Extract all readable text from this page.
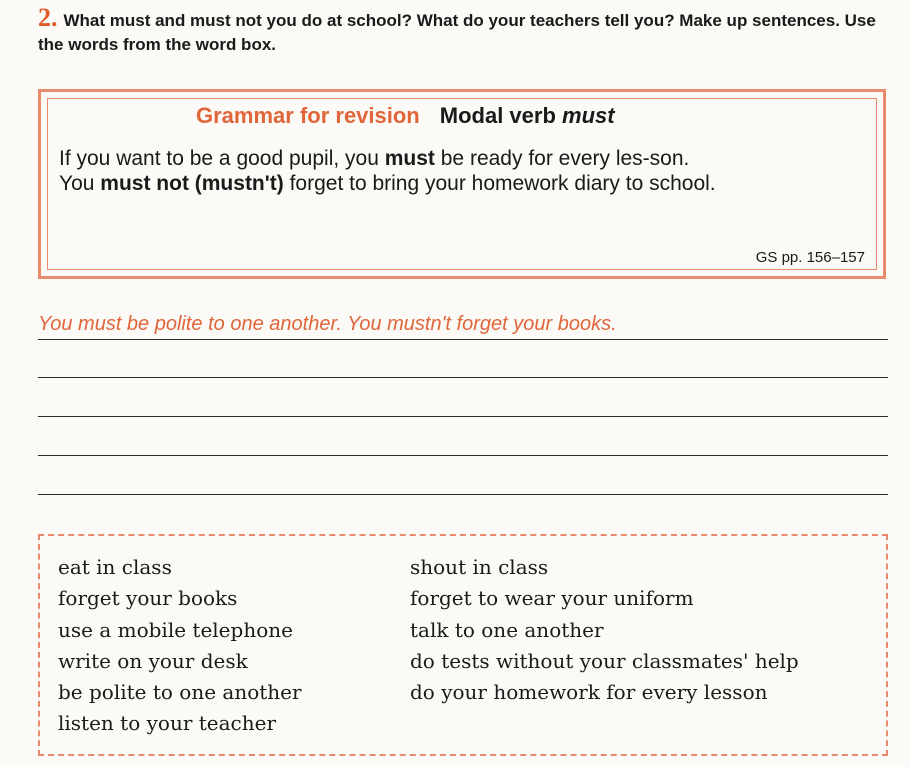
2. What must and must not you do at school? What do your teachers tell you? Make up sentences. Use the words from the word box.
Grammar for revision Modal verb must

If you want to be a good pupil, you must be ready for every les-son.

You must not (mustn't) forget to bring your homework diary to school.

GS pp. 156–157
You must be polite to one another. You mustn't forget your books.
eat in class
forget your books
use a mobile telephone
write on your desk
be polite to one another
listen to your teacher
shout in class
forget to wear your uniform
talk to one another
do tests without your classmates' help
do your homework for every lesson
